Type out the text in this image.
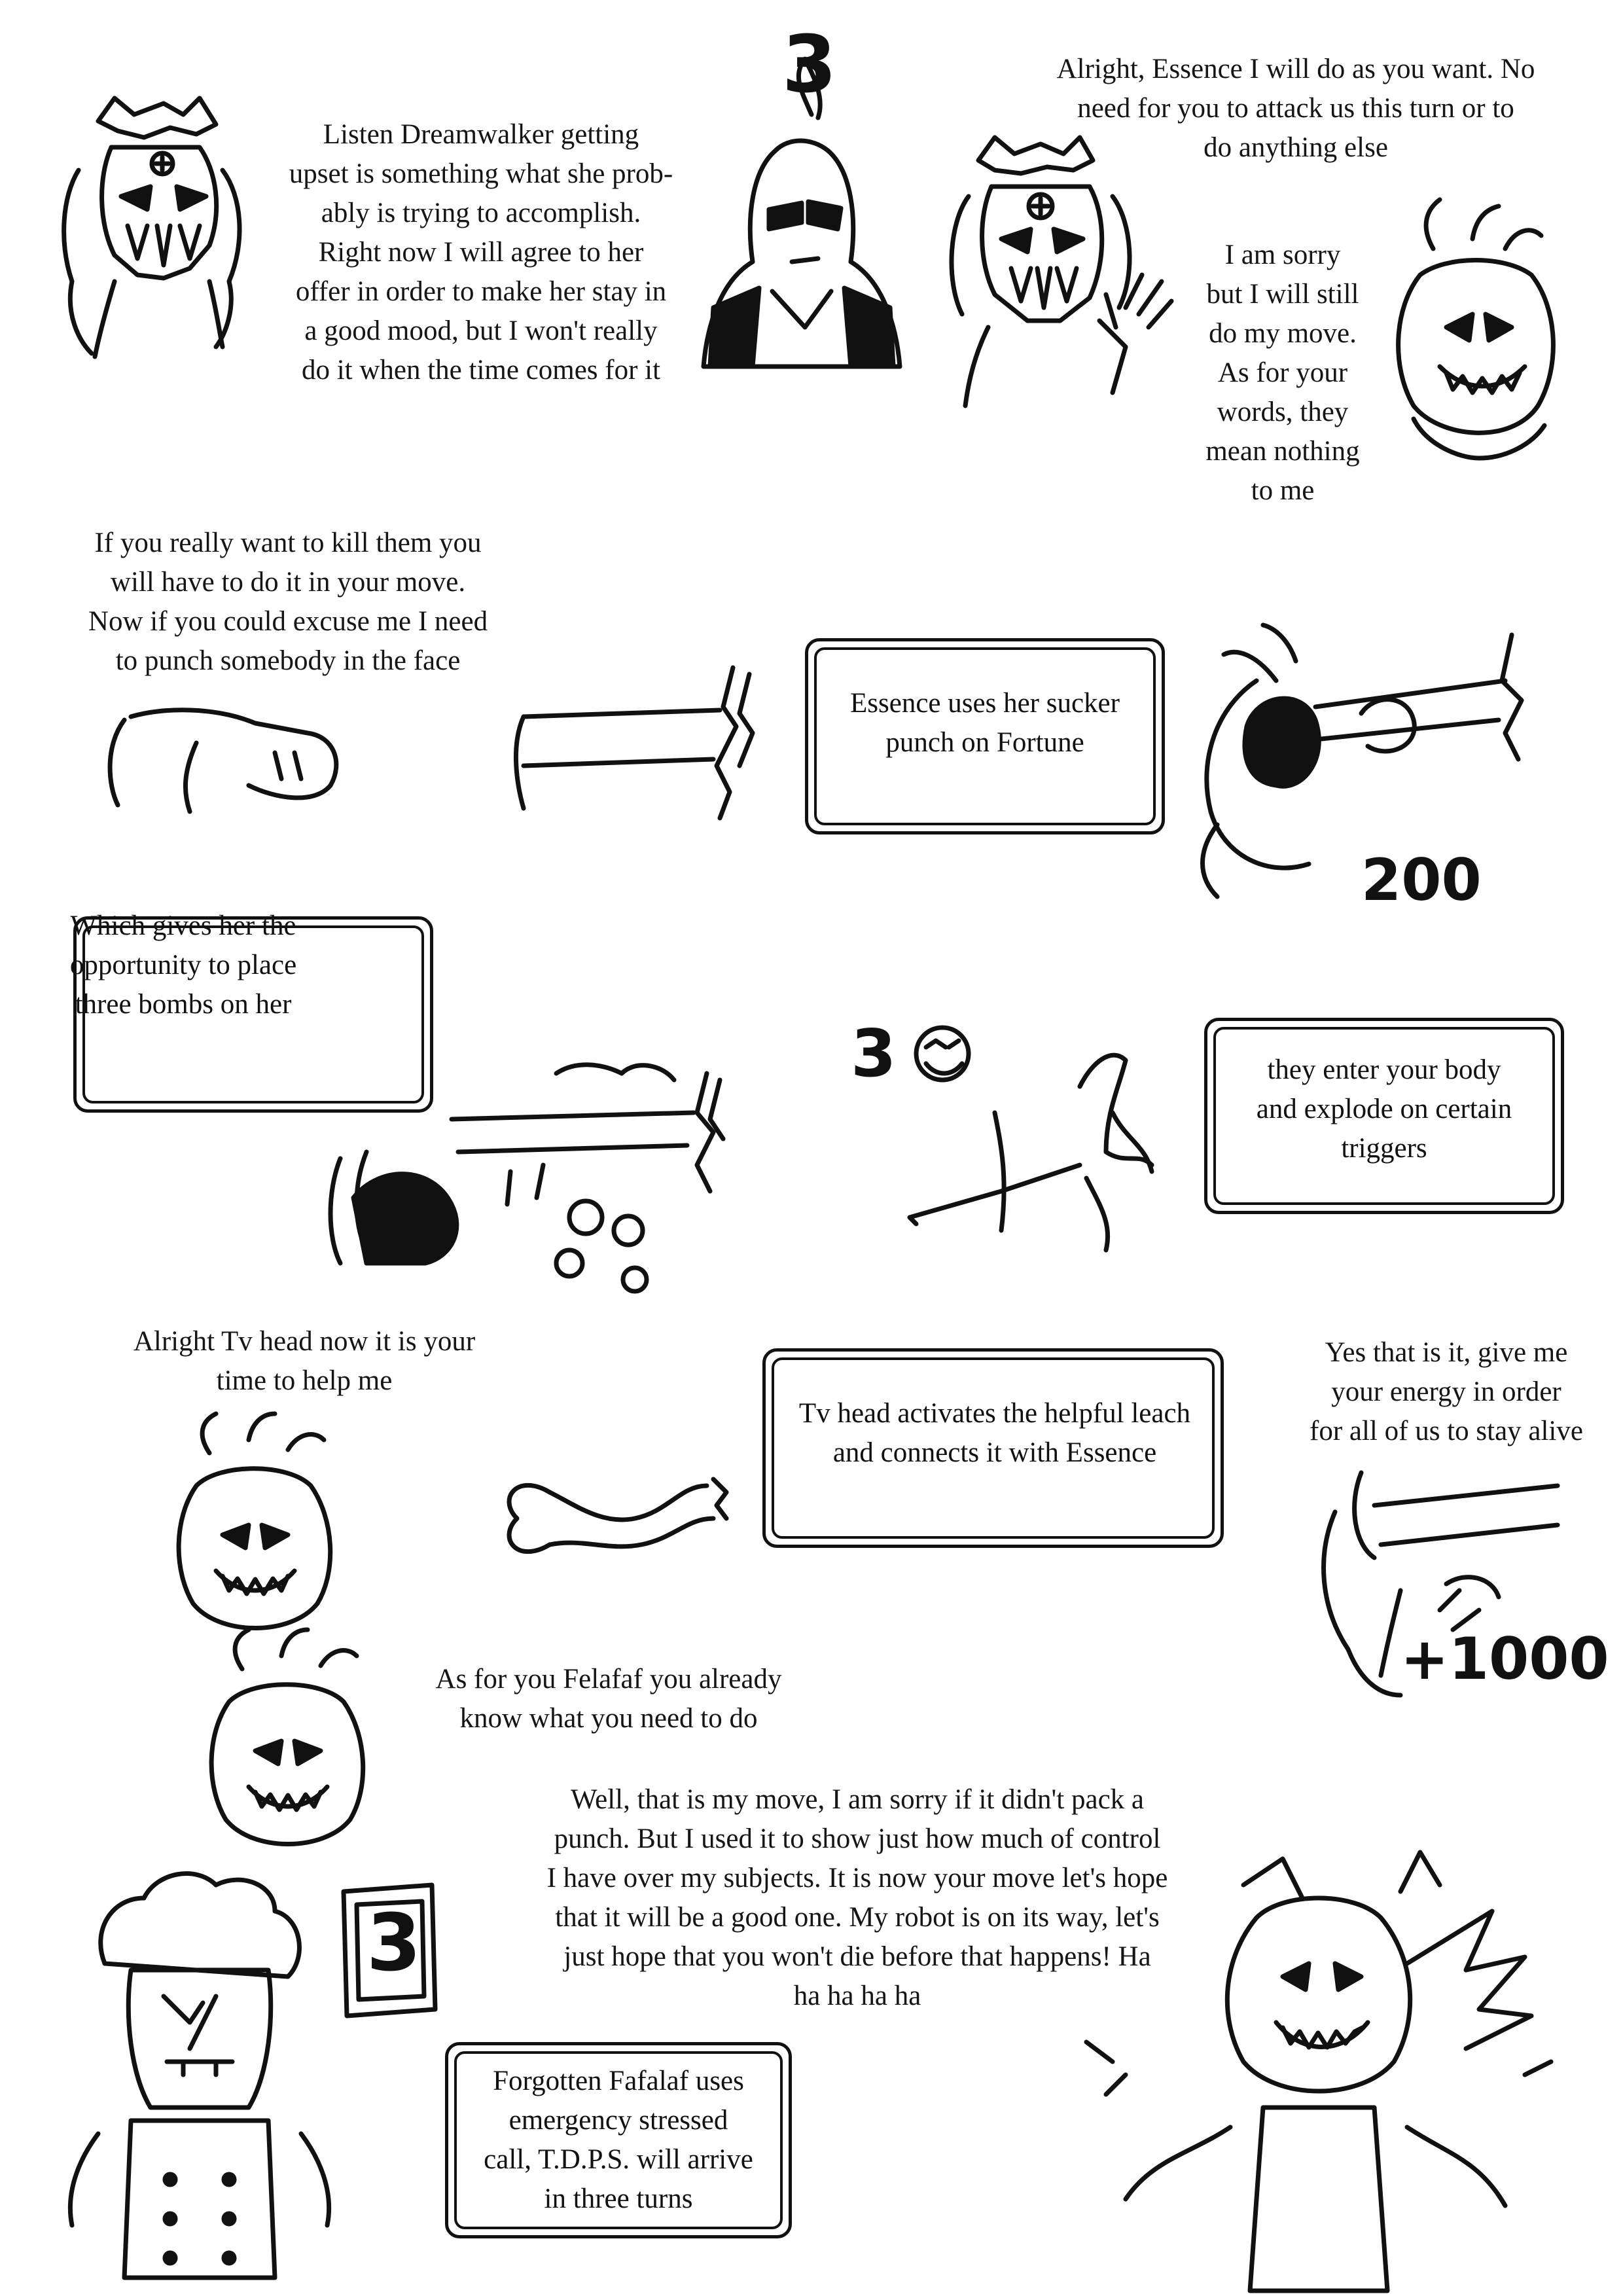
Listen Dreamwalker getting
upset is something what she prob-
ably is trying to accomplish.
Right now I will agree to her
offer in order to make her stay in
a good mood, but I won't really
do it when the time comes for it
3	Alright, Essence I will do as you want. No
need for you to attack us this turn or to
do anything else
I am sorry
but I will still
do my move.
As for your
words, they
mean nothing
to me
If you really want to kill them you
will have to do it in your move.
Now if you could excuse me I need
to punch somebody in the face
Essence uses her sucker
punch on Fortune
200
Which gives her the
opportunity to place
three bombs on her
3	they enter your body
and explode on certain
triggers
Alright Tv head now it is your
time to help me
Tv head activates the helpful leach
and connects it with Essence
Yes that is it, give me
your energy in order
for all of us to stay alive
+1000
As for you Felafaf you already
know what you need to do
Well, that is my move, I am sorry if it didn't pack a
punch. But I used it to show just how much of control
I have over my subjects. It is now your move let's hope
that it will be a good one. My robot is on its way, let's
just hope that you won't die before that happens! Ha
ha ha ha ha
3
Forgotten Fafalaf uses
emergency stressed
call, T.D.P.S. will arrive
in three turns
